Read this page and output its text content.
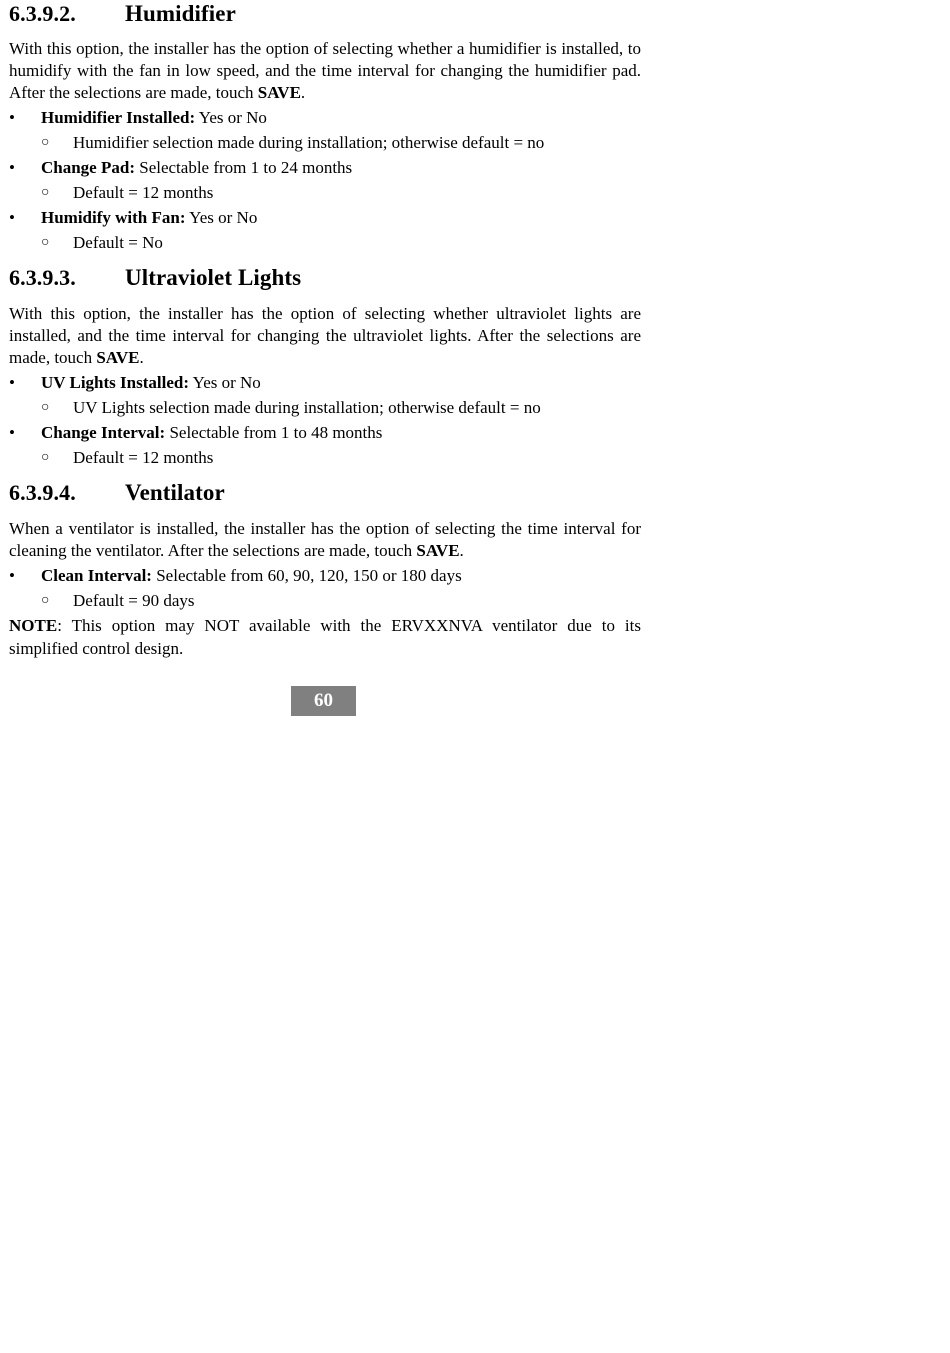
6.3.9.2. Humidifier

With this option, the installer has the option of selecting whether a humidifier is installed, to humidify with the fan in low speed, and the time interval for changing the humidifier pad. After the selections are made, touch SAVE.

• Humidifier Installed: Yes or No
○ Humidifier selection made during installation; otherwise default = no
• Change Pad: Selectable from 1 to 24 months
○ Default = 12 months
• Humidify with Fan: Yes or No
○ Default = No
6.3.9.3. Ultraviolet Lights

With this option, the installer has the option of selecting whether ultraviolet lights are installed, and the time interval for changing the ultraviolet lights. After the selections are made, touch SAVE.

• UV Lights Installed: Yes or No
○ UV Lights selection made during installation; otherwise default = no
• Change Interval: Selectable from 1 to 48 months
○ Default = 12 months
6.3.9.4. Ventilator

When a ventilator is installed, the installer has the option of selecting the time interval for cleaning the ventilator. After the selections are made, touch SAVE.

• Clean Interval: Selectable from 60, 90, 120, 150 or 180 days
○ Default = 90 days

NOTE: This option may NOT available with the ERVXXNVA ventilator due to its simplified control design.

60
